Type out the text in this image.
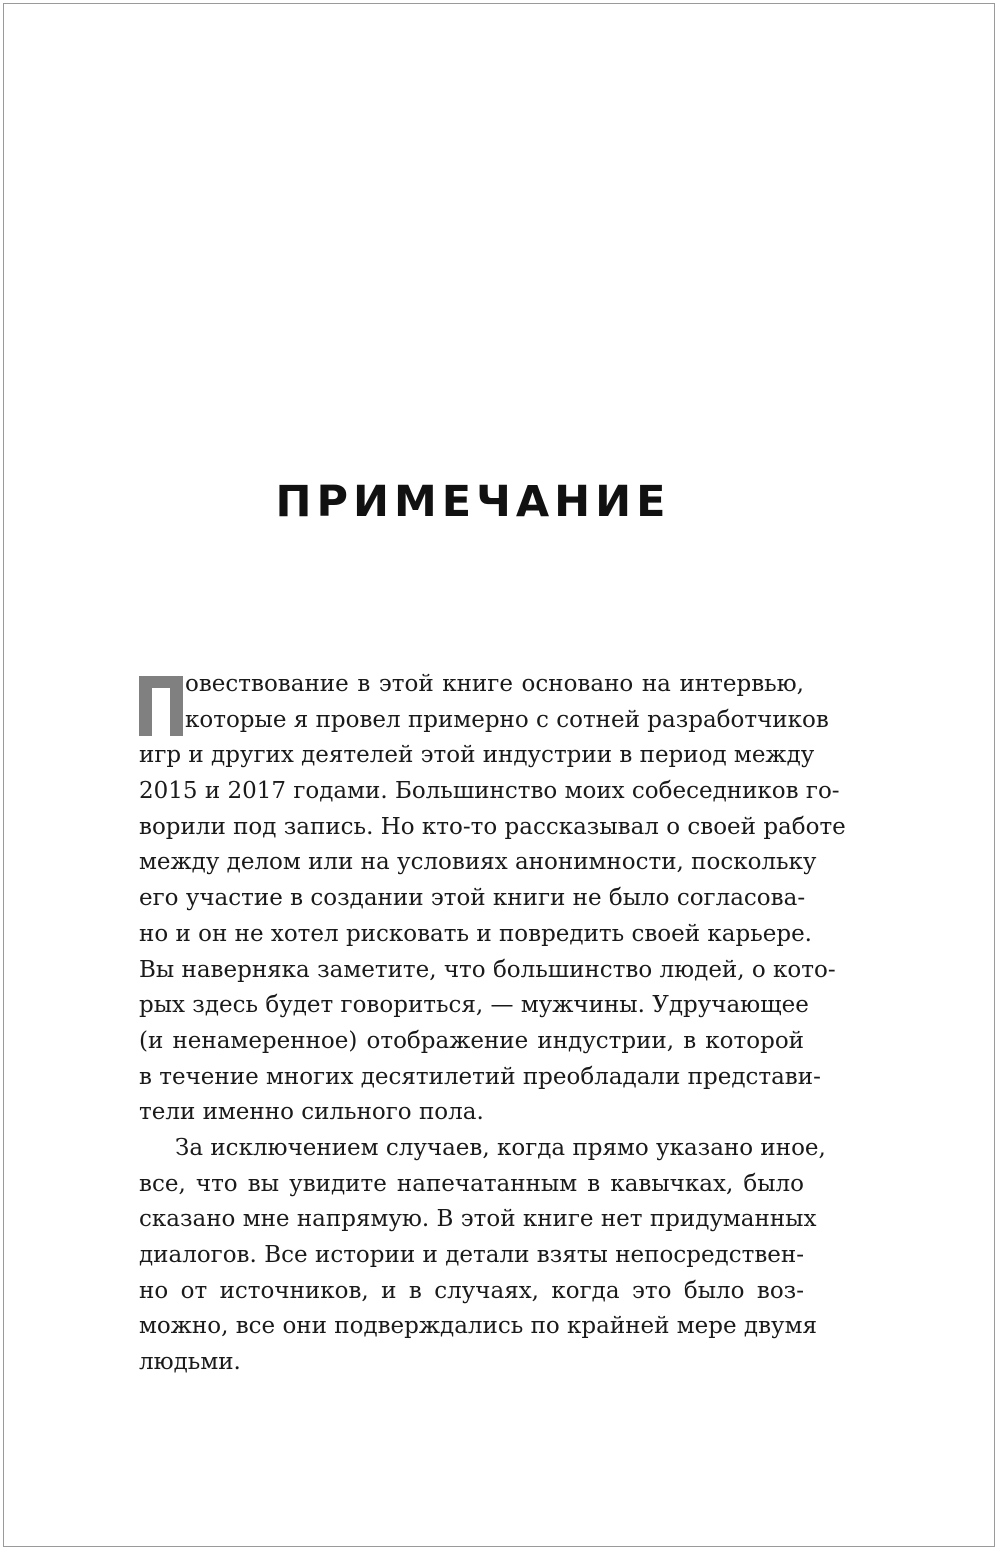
ПРИМЕЧАНИЕ

овествование в этой книге основано на интервью,
которые я провел примерно с сотней разработчиков
игр и других деятелей этой индустрии в период между
2015 и 2017 годами. Большинство моих собеседников го-
ворили под запись. Но кто-то рассказывал о своей работе
между делом или на условиях анонимности, поскольку
его участие в создании этой книги не было согласова-
но и он не хотел рисковать и повредить своей карьере.
Вы наверняка заметите, что большинство людей, о кото-
рых здесь будет говориться, — мужчины. Удручающее
(и ненамеренное) отображение индустрии, в которой
в течение многих десятилетий преобладали представи-
тели именно сильного пола.

За исключением случаев, когда прямо указано иное,
все, что вы увидите напечатанным в кавычках, было
сказано мне напрямую. В этой книге нет придуманных
диалогов. Все истории и детали взяты непосредствен-
но от источников, и в случаях, когда это было воз-
можно, все они подверждались по крайней мере двумя
людьми.
